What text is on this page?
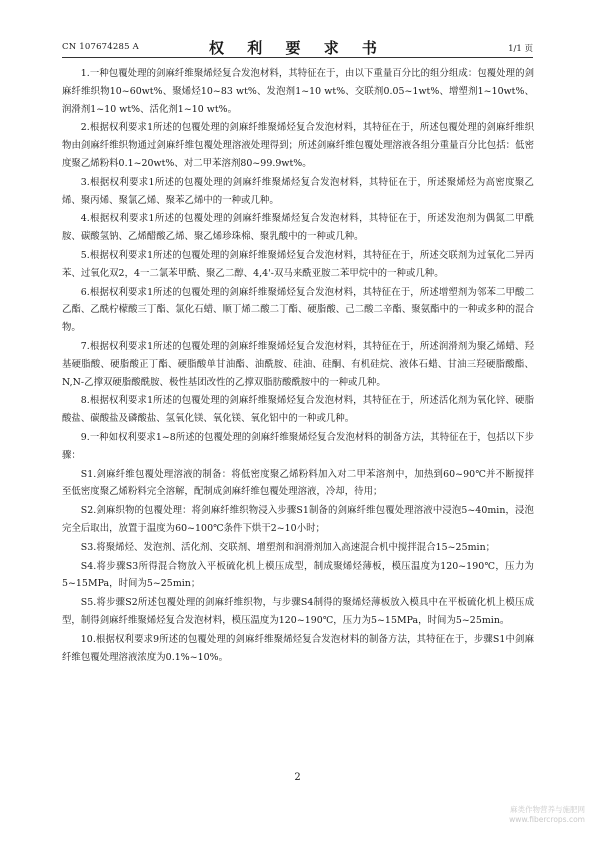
CN 107674285 A	权 利 要 求 书	1/1 页

1.一种包覆处理的剑麻纤维聚烯烃复合发泡材料，其特征在于，由以下重量百分比的组分组成：包覆处理的剑麻纤维织物10~60wt%、聚烯烃10~83 wt%、发泡剂1~10 wt%、交联剂0.05~1wt%、增塑剂1~10wt%、润滑剂1~10 wt%、活化剂1~10 wt%。

2.根据权利要求1所述的包覆处理的剑麻纤维聚烯烃复合发泡材料，其特征在于，所述包覆处理的剑麻纤维织物由剑麻纤维织物通过剑麻纤维包覆处理溶液处理得到；所述剑麻纤维包覆处理溶液各组分重量百分比包括：低密度聚乙烯粉料0.1~20wt%、对二甲苯溶剂80~99.9wt%。

3.根据权利要求1所述的包覆处理的剑麻纤维聚烯烃复合发泡材料，其特征在于，所述聚烯烃为高密度聚乙烯、聚丙烯、聚氯乙烯、聚苯乙烯中的一种或几种。

4.根据权利要求1所述的包覆处理的剑麻纤维聚烯烃复合发泡材料，其特征在于，所述发泡剂为偶氮二甲酰胺、碳酸氢钠、乙烯醋酸乙烯、聚乙烯珍珠棉、聚乳酸中的一种或几种。

5.根据权利要求1所述的包覆处理的剑麻纤维聚烯烃复合发泡材料，其特征在于，所述交联剂为过氧化二异丙苯、过氧化双2，4一二氯苯甲酰、聚乙二醇、4,4'-双马来酰亚胺二苯甲烷中的一种或几种。

6.根据权利要求1所述的包覆处理的剑麻纤维聚烯烃复合发泡材料，其特征在于，所述增塑剂为邻苯二甲酸二乙酯、乙酰柠檬酸三丁酯、氯化石蜡、顺丁烯二酸二丁酯、硬脂酸、己二酸二辛酯、聚氨酯中的一种或多种的混合物。

7.根据权利要求1所述的包覆处理的剑麻纤维聚烯烃复合发泡材料，其特征在于，所述润滑剂为聚乙烯蜡、羟基硬脂酸、硬脂酸正丁酯、硬脂酸单甘油酯、油酰胺、硅油、硅酮、有机硅烷、液体石蜡、甘油三羟硬脂酸酯、N,N-乙撑双硬脂酸酰胺、极性基团改性的乙撑双脂肪酸酰胺中的一种或几种。

8.根据权利要求1所述的包覆处理的剑麻纤维聚烯烃复合发泡材料，其特征在于，所述活化剂为氧化锌、硬脂酸盐、碳酸盐及磷酸盐、氢氧化镁、氧化镁、氧化铝中的一种或几种。

9.一种如权利要求1~8所述的包覆处理的剑麻纤维聚烯烃复合发泡材料的制备方法，其特征在于，包括以下步骤：

S1.剑麻纤维包覆处理溶液的制备：将低密度聚乙烯粉料加入对二甲苯溶剂中，加热到60~90℃并不断搅拌至低密度聚乙烯粉料完全溶解，配制成剑麻纤维包覆处理溶液，冷却，待用；

S2.剑麻织物的包覆处理：将剑麻纤维织物浸入步骤S1制备的剑麻纤维包覆处理溶液中浸泡5~40min，浸泡完全后取出，放置于温度为60~100℃条件下烘干2~10小时；

S3.将聚烯烃、发泡剂、活化剂、交联剂、增塑剂和润滑剂加入高速混合机中搅拌混合15~25min；

S4.将步骤S3所得混合物放入平板硫化机上模压成型，制成聚烯烃薄板，模压温度为120~190℃，压力为5~15MPa，时间为5~25min；

S5.将步骤S2所述包覆处理的剑麻纤维织物，与步骤S4制得的聚烯烃薄板放入模具中在平板硫化机上模压成型，制得剑麻纤维聚烯烃复合发泡材料，模压温度为120~190℃，压力为5~15MPa，时间为5~25min。

10.根据权利要求9所述的包覆处理的剑麻纤维聚烯烃复合发泡材料的制备方法，其特征在于，步骤S1中剑麻纤维包覆处理溶液浓度为0.1%~10%。

2
麻类作物营养与施肥网
www.fibercrops.com
